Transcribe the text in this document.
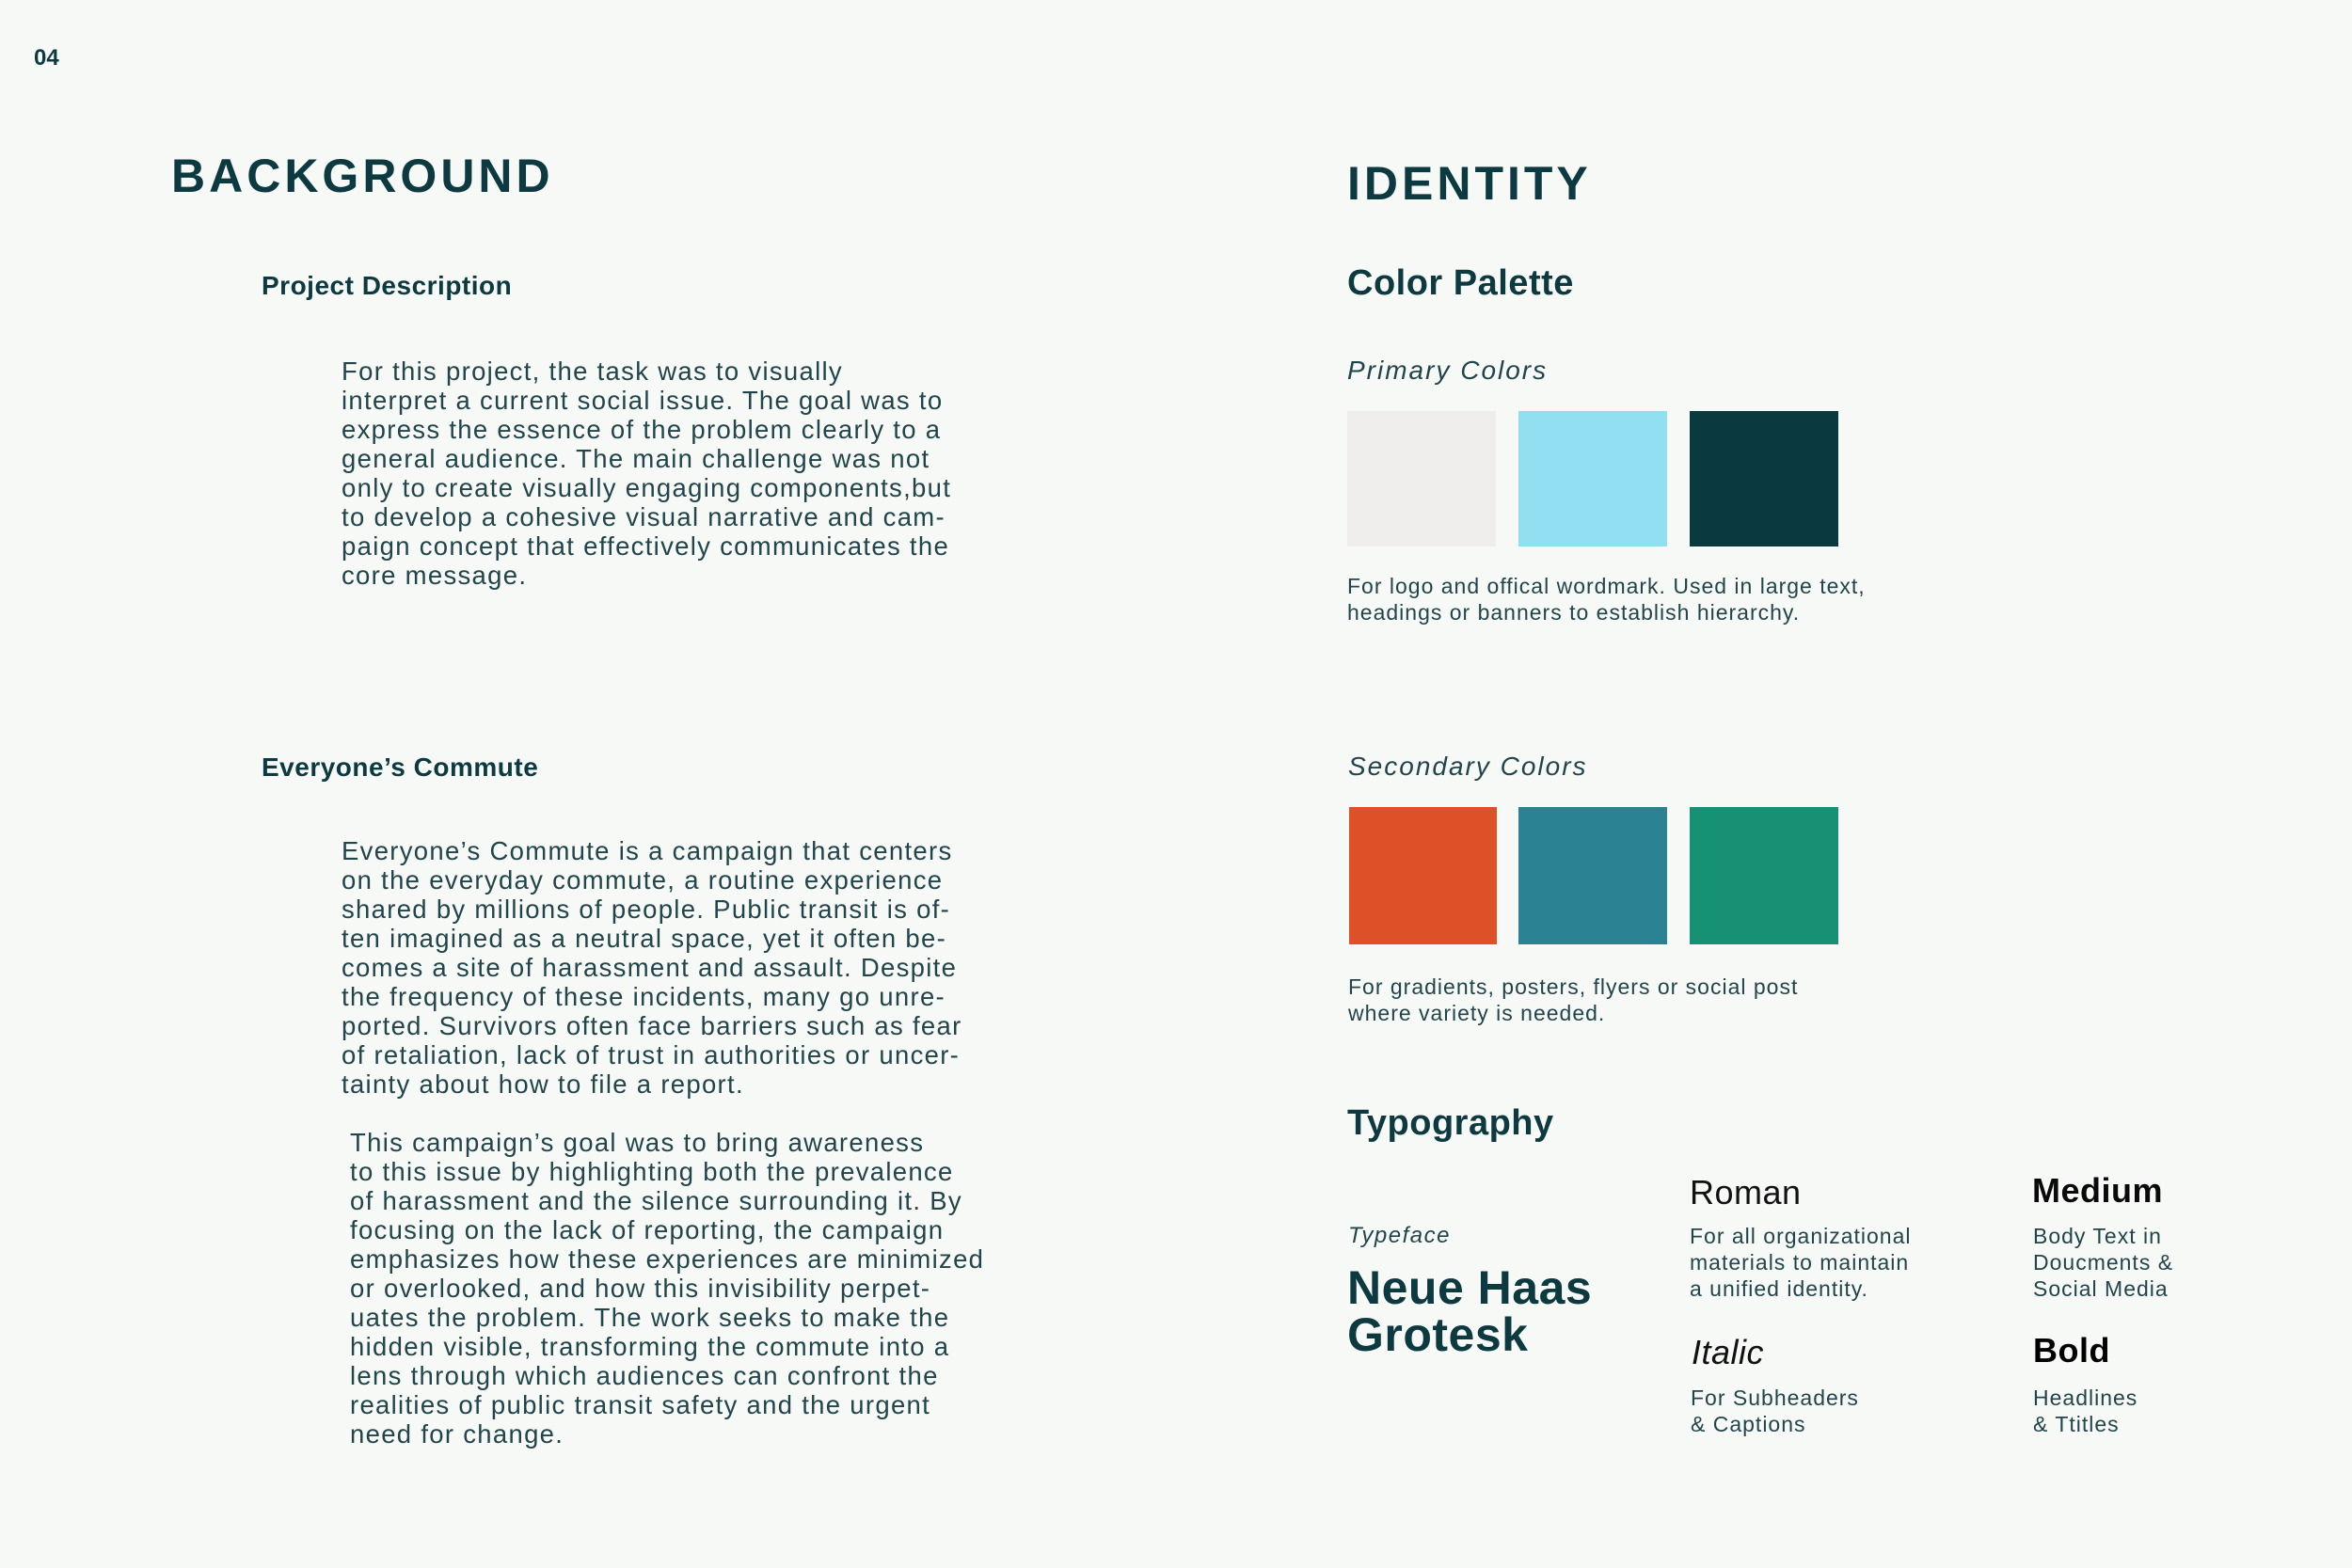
04
BACKGROUND
Project Description
For this project, the task was to visually
interpret a current social issue. The goal was to
express the essence of the problem clearly to a
general audience. The main challenge was not
only to create visually engaging components,but
to develop a cohesive visual narrative and cam-
paign concept that effectively communicates the
core message.
Everyone’s Commute
Everyone’s Commute is a campaign that centers
on the everyday commute, a routine experience
shared by millions of people. Public transit is of-
ten imagined as a neutral space, yet it often be-
comes a site of harassment and assault. Despite
the frequency of these incidents, many go unre-
ported. Survivors often face barriers such as fear
of retaliation, lack of trust in authorities or uncer-
tainty about how to file a report.
This campaign’s goal was to bring awareness
to this issue by highlighting both the prevalence
of harassment and the silence surrounding it. By
focusing on the lack of reporting, the campaign
emphasizes how these experiences are minimized
or overlooked, and how this invisibility perpet-
uates the problem. The work seeks to make the
hidden visible, transforming the commute into a
lens through which audiences can confront the
realities of public transit safety and the urgent
need for change.
IDENTITY
Color Palette
Primary Colors
For logo and offical wordmark. Used in large text,
headings or banners to establish hierarchy.
Secondary Colors
For gradients, posters, flyers or social post
where variety is needed.
Typography
Typeface
Neue Haas
Grotesk
Roman
For all organizational
materials to maintain
a unified identity.
Italic
For Subheaders
& Captions
Medium
Body Text in
Doucments &
Social Media
Bold
Headlines
& Ttitles
